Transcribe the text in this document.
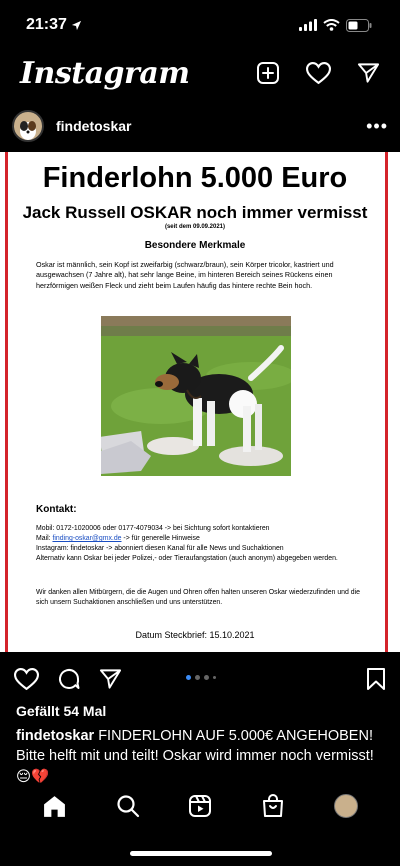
21:37
Instagram
findetoskar	•••
Finderlohn 5.000 Euro
Jack Russell OSKAR noch immer vermisst
(seit dem 09.09.2021)
Besondere Merkmale
Oskar ist männlich, sein Kopf ist zweifarbig (schwarz/braun), sein Körper tricolor, kastriert und ausgewachsen (7 Jahre alt), hat sehr lange Beine, im hinteren Bereich seines Rückens einen herzförmigen weißen Fleck und zieht beim Laufen häufig das hintere rechte Bein hoch.
Kontakt:
Mobil: 0172-1020006 oder 0177-4079034 -> bei Sichtung sofort kontaktieren
Mail: finding-oskar@gmx.de -> für generelle Hinweise
Instagram: findetoskar -> abonniert diesen Kanal für alle News und Suchaktionen
Alternativ kann Oskar bei jeder Polizei,- oder Tieraufangstation (auch anonym) abgegeben werden.
Wir danken allen Mitbürgern, die die Augen und Ohren offen halten unseren Oskar wiederzufinden und die sich unsern Suchaktionen anschließen und uns unterstützen.
Datum Steckbrief: 15.10.2021
Gefällt 54 Mal
findetoskar FINDERLOHN AUF 5.000€ ANGEHOBEN! Bitte helft mit und teilt! Oskar wird immer noch vermisst! 😔💔
